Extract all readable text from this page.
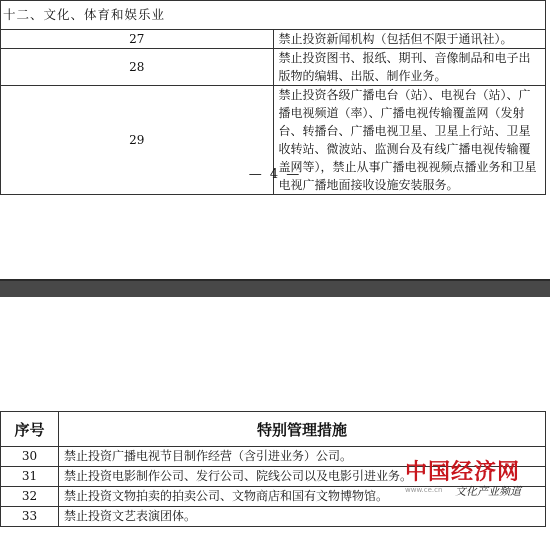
十二、文化、体育和娱乐业	
27	禁止投资新闻机构（包括但不限于通讯社）。
28	禁止投资图书、报纸、期刊、音像制品和电子出版物的编辑、出版、制作业务。
29	禁止投资各级广播电台（站）、电视台（站）、广播电视频道（率）、广播电视传输覆盖网（发射台、转播台、广播电视卫星、卫星上行站、卫星收转站、微波站、监测台及有线广播电视传输覆盖网等），禁止从事广播电视视频点播业务和卫星电视广播地面接收设施安装服务。
— 4 —
序号	特别管理措施
30	禁止投资广播电视节目制作经营（含引进业务）公司。
31	禁止投资电影制作公司、发行公司、院线公司以及电影引进业务。
32	禁止投资文物拍卖的拍卖公司、文物商店和国有文物博物馆。
33	禁止投资文艺表演团体。
中国经济网
www.ce.cn 文化产业频道
